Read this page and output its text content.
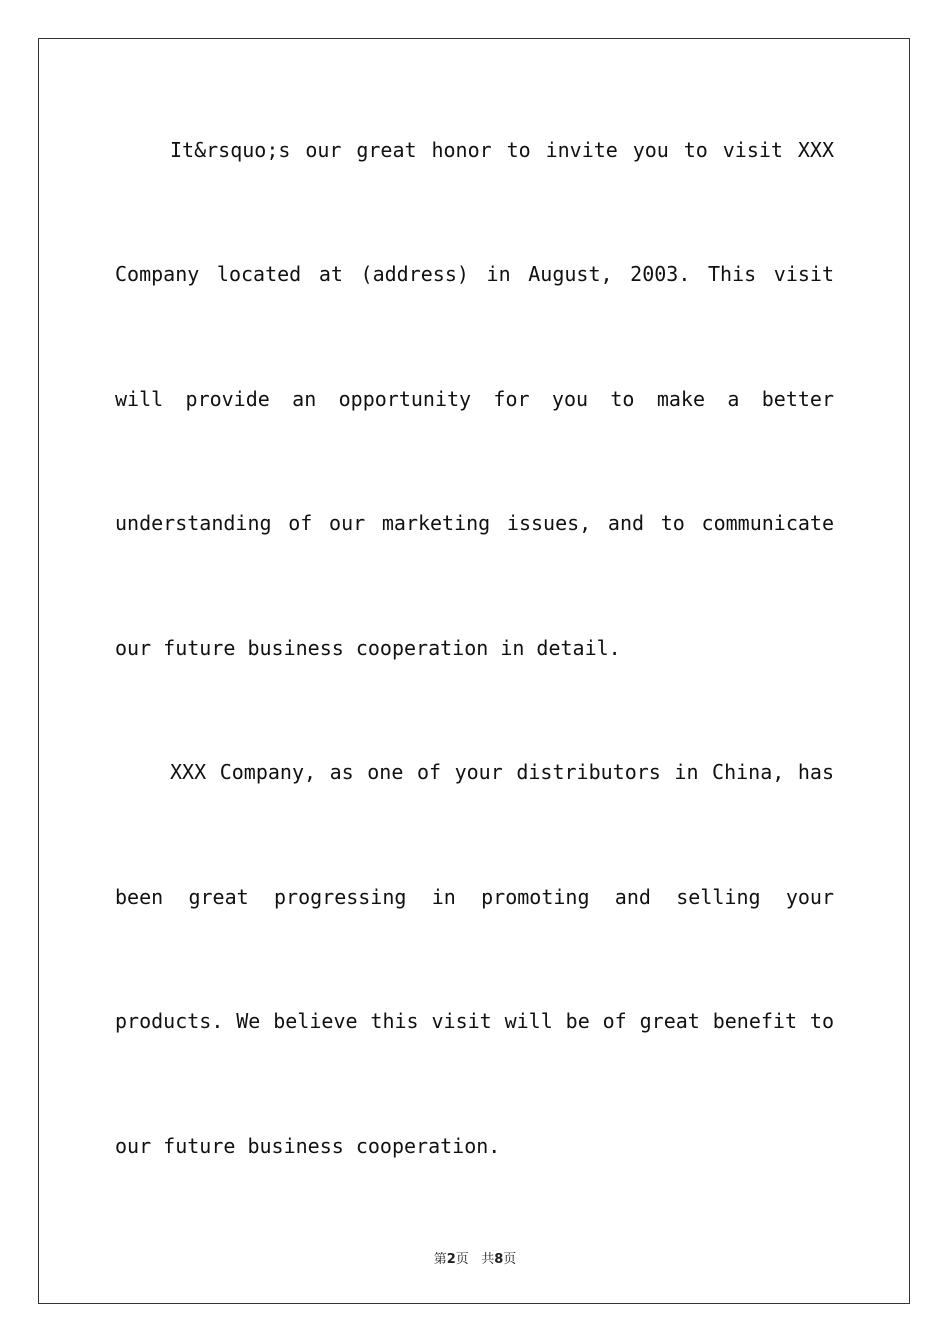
It&rsquo;s our great honor to invite you to visit XXX
Company located at (address) in August, 2003. This visit
will provide an opportunity for you to make a better
understanding of our marketing issues, and to communicate
our future business cooperation in detail.
XXX Company, as one of your distributors in China, has
been great progressing in promoting and selling your
products. We believe this visit will be of great benefit to
our future business cooperation.
第2页 共8页
